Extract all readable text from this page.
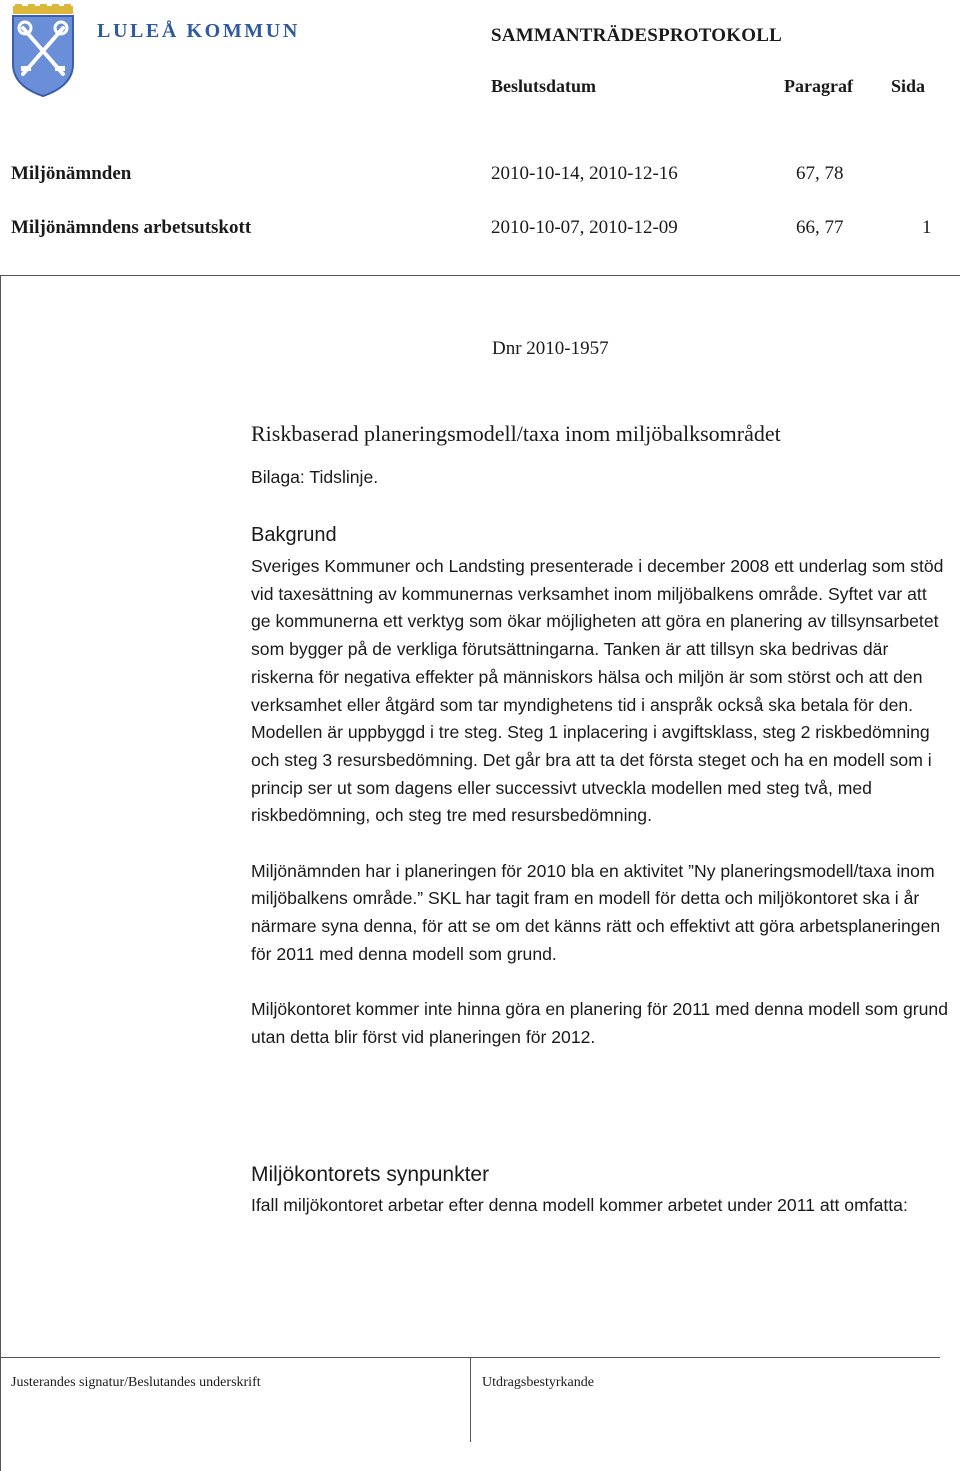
LULEÅ KOMMUN	SAMMANTRÄDESPROTOKOLL
Beslutsdatum	Paragraf Sida
Miljönämnden	2010-10-14, 2010-12-16	67, 78
Miljönämndens arbetsutskott	2010-10-07, 2010-12-09	66, 77	1
Dnr 2010-1957
Riskbaserad planeringsmodell/taxa inom miljöbalksområdet
Bilaga: Tidslinje.
Bakgrund

Sveriges Kommuner och Landsting presenterade i december 2008 ett underlag som stöd vid taxesättning av kommunernas verksamhet inom miljöbalkens område. Syftet var att ge kommunerna ett verktyg som ökar möjligheten att göra en planering av tillsynsarbetet som bygger på de verkliga förutsättningarna. Tanken är att tillsyn ska bedrivas där riskerna för negativa effekter på människors hälsa och miljön är som störst och att den verksamhet eller åtgärd som tar myndighetens tid i anspråk också ska betala för den. Modellen är uppbyggd i tre steg. Steg 1 inplacering i avgiftsklass, steg 2 riskbedömning och steg 3 resursbedömning. Det går bra att ta det första steget och ha en modell som i princip ser ut som dagens eller successivt utveckla modellen med steg två, med riskbedömning, och steg tre med resursbedömning.

Miljönämnden har i planeringen för 2010 bla en aktivitet ”Ny planeringsmodell/taxa inom miljöbalkens område.” SKL har tagit fram en modell för detta och miljökontoret ska i år närmare syna denna, för att se om det känns rätt och effektivt att göra arbetsplaneringen för 2011 med denna modell som grund.

Miljökontoret kommer inte hinna göra en planering för 2011 med denna modell som grund utan detta blir först vid planeringen för 2012.

Miljökontorets synpunkter

Ifall miljökontoret arbetar efter denna modell kommer arbetet under 2011 att omfatta:

Justerandes signatur/Beslutandes underskrift	Utdragsbestyrkande
